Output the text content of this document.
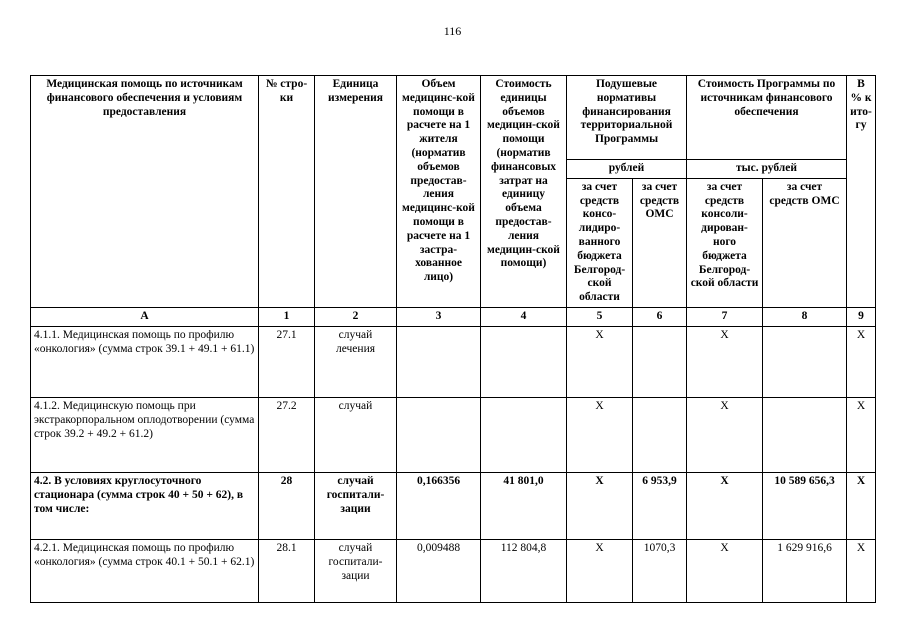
116
Медицинская помощь по источникам финансового обеспечения и условиям предоставления	№ стро-ки	Единица измерения	Объем медицинс-кой помощи в расчете на 1 жителя (норматив объемов предостав-ления медицинс-кой помощи в расчете на 1 застра-хованное лицо)	Стоимость единицы объемов медицин-ской помощи (норматив финансовых затрат на единицу объема предостав-ления медицин-ской помощи)	Подушевые нормативы финансирования территориальной Программы		Стоимость Программы по источникам финансового обеспечения		В % к ито-гу
					рублей		тыс. рублей		
					за счет средств консо-лидиро-ванного бюджета Белгород-ской области	за счет средств ОМС	за счет средств консоли-дирован-ного бюджета Белгород-ской области	за счет средств ОМС	
А	1	2	3	4	5	6	7	8	9
4.1.1. Медицинская помощь по профилю «онкология» (сумма строк 39.1 + 49.1 + 61.1)	27.1	случай лечения			X		X		X
4.1.2. Медицинскую помощь при экстракорпоральном оплодотворении (сумма строк 39.2 + 49.2 + 61.2)	27.2	случай			X		X		X
4.2. В условиях круглосуточного стационара (сумма строк 40 + 50 + 62), в том числе:	28	случай госпитали-зации	0,166356	41 801,0	X	6 953,9	X	10 589 656,3	X
4.2.1. Медицинская помощь по профилю «онкология» (сумма строк 40.1 + 50.1 + 62.1)	28.1	случай госпитали-зации	0,009488	112 804,8	X	1070,3	X	1 629 916,6	X
